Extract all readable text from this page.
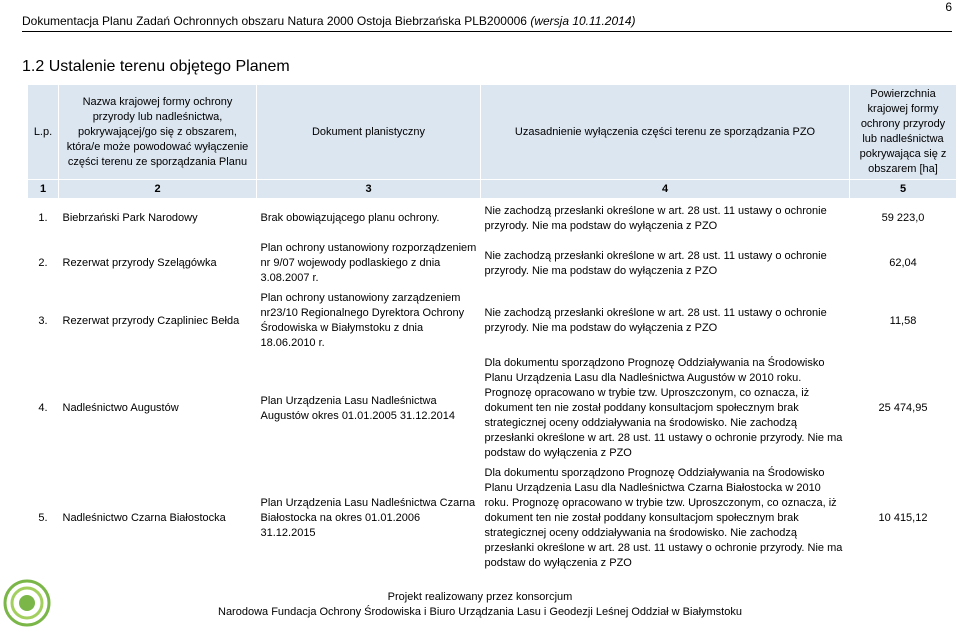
6
Dokumentacja Planu Zadań Ochronnych obszaru Natura 2000 Ostoja Biebrzańska PLB200006 (wersja 10.11.2014)
1.2 Ustalenie terenu objętego Planem
L.p.	Nazwa krajowej formy ochrony przyrody lub nadleśnictwa, pokrywającej/go się z obszarem, która/e może powodować wyłączenie części terenu ze sporządzania Planu	Dokument planistyczny	Uzasadnienie wyłączenia części terenu ze sporządzania PZO	Powierzchnia krajowej formy ochrony przyrody lub nadleśnictwa pokrywająca się z obszarem [ha]
1	2	3	4	5
1.	Biebrzański Park Narodowy	Brak obowiązującego planu ochrony.	Nie zachodzą przesłanki określone w art. 28 ust. 11 ustawy o ochronie przyrody. Nie ma podstaw do wyłączenia z PZO	59 223,0
2.	Rezerwat przyrody Szelągówka	Plan ochrony ustanowiony rozporządzeniem nr 9/07 wojewody podlaskiego z dnia 3.08.2007 r.	Nie zachodzą przesłanki określone w art. 28 ust. 11 ustawy o ochronie przyrody. Nie ma podstaw do wyłączenia z PZO	62,04
3.	Rezerwat przyrody Czapliniec Bełda	Plan ochrony ustanowiony zarządzeniem nr23/10 Regionalnego Dyrektora Ochrony Środowiska w Białymstoku z dnia 18.06.2010 r.	Nie zachodzą przesłanki określone w art. 28 ust. 11 ustawy o ochronie przyrody. Nie ma podstaw do wyłączenia z PZO	11,58
4.	Nadleśnictwo Augustów	Plan Urządzenia Lasu Nadleśnictwa Augustów okres 01.01.2005 31.12.2014	Dla dokumentu sporządzono Prognozę Oddziaływania na Środowisko Planu Urządzenia Lasu dla Nadleśnictwa Augustów w 2010 roku. Prognozę opracowano w trybie tzw. Uproszczonym, co oznacza, iż dokument ten nie został poddany konsultacjom społecznym brak strategicznej oceny oddziaływania na środowisko. Nie zachodzą przesłanki określone w art. 28 ust. 11 ustawy o ochronie przyrody. Nie ma podstaw do wyłączenia z PZO	25 474,95
5.	Nadleśnictwo Czarna Białostocka	Plan Urządzenia Lasu Nadleśnictwa Czarna Białostocka na okres 01.01.2006 31.12.2015	Dla dokumentu sporządzono Prognozę Oddziaływania na Środowisko Planu Urządzenia Lasu dla Nadleśnictwa Czarna Białostocka w 2010 roku. Prognozę opracowano w trybie tzw. Uproszczonym, co oznacza, iż dokument ten nie został poddany konsultacjom społecznym brak strategicznej oceny oddziaływania na środowisko. Nie zachodzą przesłanki określone w art. 28 ust. 11 ustawy o ochronie przyrody. Nie ma podstaw do wyłączenia z PZO	10 415,12
Projekt realizowany przez konsorcjum
Narodowa Fundacja Ochrony Środowiska i Biuro Urządzania Lasu i Geodezji Leśnej Oddział w Białymstoku
